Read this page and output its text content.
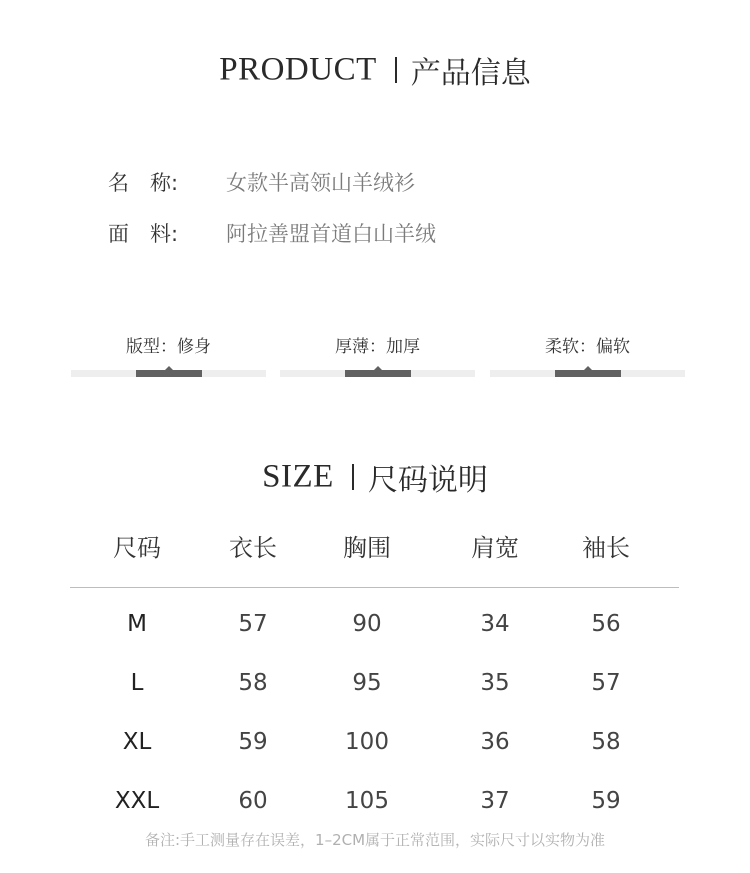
PRODUCT 产品信息
名　称: 女款半高领山羊绒衫
面　料: 阿拉善盟首道白山羊绒
版型：修身	厚薄：加厚	柔软：偏软
SIZE 尺码说明
尺码	衣长	胸围	肩宽	袖长
M	57	90	34	56
L	58	95	35	57
XL	59	100	36	58
XXL	60	105	37	59
备注:手工测量存在误差，1–2CM属于正常范围，实际尺寸以实物为准
